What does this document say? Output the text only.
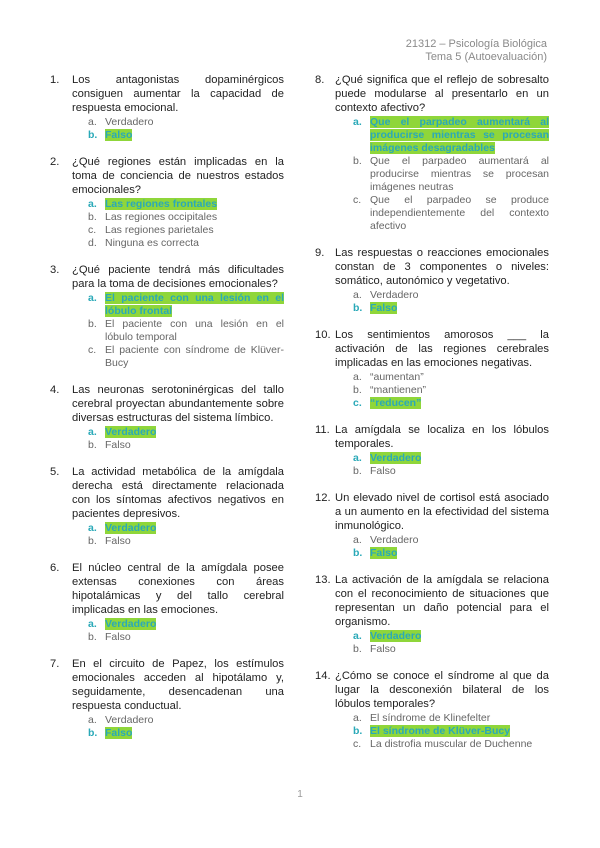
21312 – Psicología Biológica
Tema 5 (Autoevaluación)
1. Los antagonistas dopaminérgicos consiguen aumentar la capacidad de respuesta emocional.
a. Verdadero
b. Falso
2. ¿Qué regiones están implicadas en la toma de conciencia de nuestros estados emocionales?
a. Las regiones frontales
b. Las regiones occipitales
c. Las regiones parietales
d. Ninguna es correcta
3. ¿Qué paciente tendrá más dificultades para la toma de decisiones emocionales?
a. El paciente con una lesión en el lóbulo frontal
b. El paciente con una lesión en el lóbulo temporal
c. El paciente con síndrome de Klüver-Bucy
4. Las neuronas serotoninérgicas del tallo cerebral proyectan abundantemente sobre diversas estructuras del sistema límbico.
a. Verdadero
b. Falso
5. La actividad metabólica de la amígdala derecha está directamente relacionada con los síntomas afectivos negativos en pacientes depresivos.
a. Verdadero
b. Falso
6. El núcleo central de la amígdala posee extensas conexiones con áreas hipotalámicas y del tallo cerebral implicadas en las emociones.
a. Verdadero
b. Falso
7. En el circuito de Papez, los estímulos emocionales acceden al hipotálamo y, seguidamente, desencadenan una respuesta conductual.
a. Verdadero
b. Falso
8. ¿Qué significa que el reflejo de sobresalto puede modularse al presentarlo en un contexto afectivo?
a. Que el parpadeo aumentará al producirse mientras se procesan imágenes desagradables
b. Que el parpadeo aumentará al producirse mientras se procesan imágenes neutras
c. Que el parpadeo se produce independientemente del contexto afectivo
9. Las respuestas o reacciones emocionales constan de 3 componentes o niveles: somático, autonómico y vegetativo.
a. Verdadero
b. Falso
10. Los sentimientos amorosos ___ la activación de las regiones cerebrales implicadas en las emociones negativas.
a. “aumentan”
b. “mantienen”
c. “reducen”
11. La amígdala se localiza en los lóbulos temporales.
a. Verdadero
b. Falso
12. Un elevado nivel de cortisol está asociado a un aumento en la efectividad del sistema inmunológico.
a. Verdadero
b. Falso
13. La activación de la amígdala se relaciona con el reconocimiento de situaciones que representan un daño potencial para el organismo.
a. Verdadero
b. Falso
14. ¿Cómo se conoce el síndrome al que da lugar la desconexión bilateral de los lóbulos temporales?
a. El síndrome de Klinefelter
b. El síndrome de Klüver-Bucy
c. La distrofia muscular de Duchenne
1
